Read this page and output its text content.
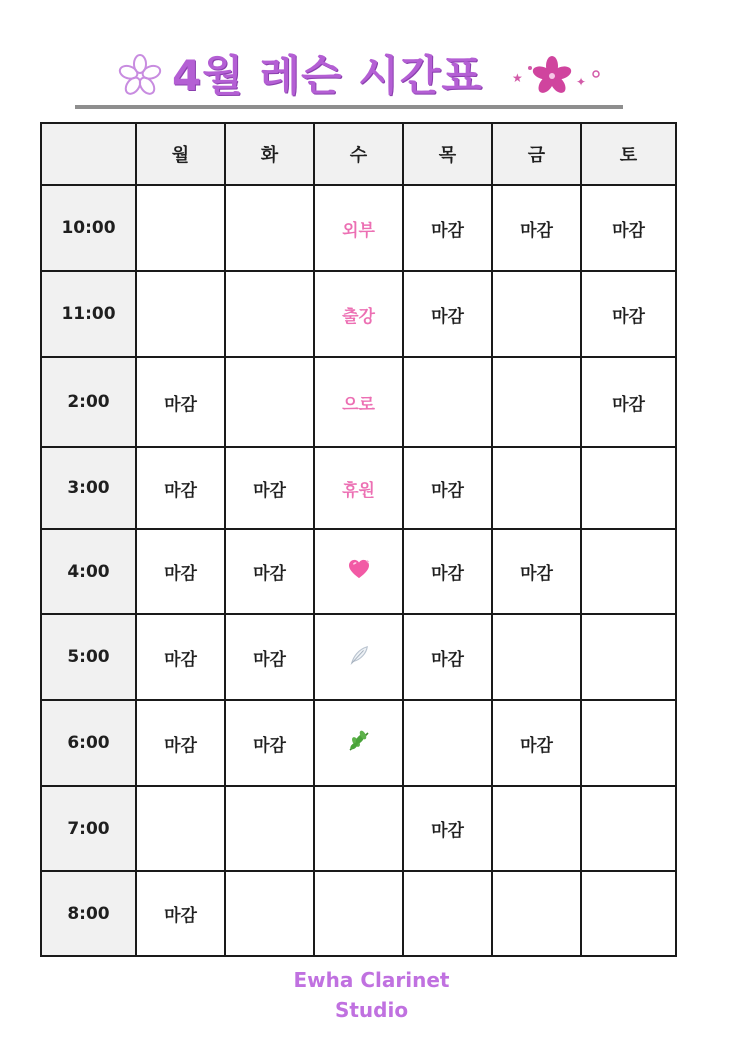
4월 레슨 시간표 ★	✦
	월	화	수	목	금	토
10:00			외부	마감	마감	마감
11:00			출강	마감		마감
2:00	마감		으로			마감
3:00	마감	마감	휴원	마감		
4:00	마감	마감	✦	마감	마감	
5:00	마감	마감		마감		
6:00	마감	마감			마감	
7:00				마감		
8:00	마감					
Ewha Clarinet
Studio
